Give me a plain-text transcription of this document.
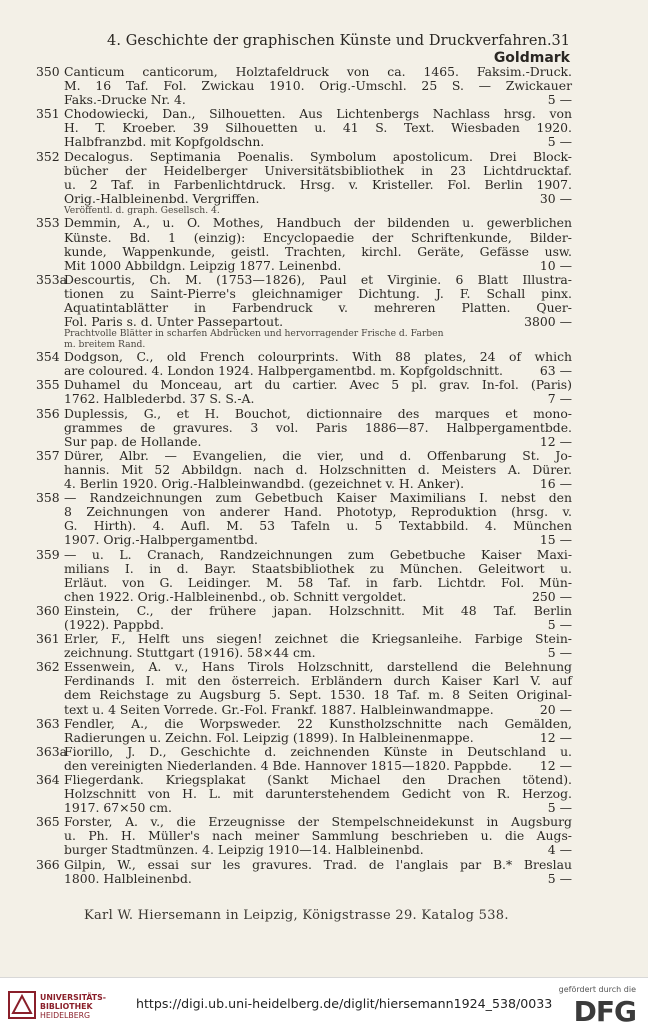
4. Geschichte der graphischen Künste und Druckverfahren. 31
Goldmark
350 Canticum canticorum, Holztafeldruck von ca. 1465. Faksim.-Druck.
M. 16 Taf. Fol. Zwickau 1910. Orig.-Umschl. 25 S. — Zwickauer
Faks.-Drucke Nr. 4.	5 —
351 Chodowiecki, Dan., Silhouetten. Aus Lichtenbergs Nachlass hrsg. von
H. T. Kroeber. 39 Silhouetten u. 41 S. Text. Wiesbaden 1920.
Halbfranzbd. mit Kopfgoldschn.	5 —
352 Decalogus. Septimania Poenalis. Symbolum apostolicum. Drei Block-
bücher der Heidelberger Universitätsbibliothek in 23 Lichtdrucktaf.
u. 2 Taf. in Farbenlichtdruck. Hrsg. v. Kristeller. Fol. Berlin 1907.
Orig.-Halbleinenbd. Vergriffen.	30 —
Veröffentl. d. graph. Gesellsch. 4.
353 Demmin, A., u. O. Mothes, Handbuch der bildenden u. gewerblichen
Künste. Bd. 1 (einzig): Encyclopaedie der Schriftenkunde, Bilder-
kunde, Wappenkunde, geistl. Trachten, kirchl. Geräte, Gefässe usw.
Mit 1000 Abbildgn. Leipzig 1877. Leinenbd.	10 —
353a
Descourtis, Ch. M. (1753—1826), Paul et Virginie. 6 Blatt Illustra-
tionen zu Saint-Pierre's gleichnamiger Dichtung. J. F. Schall pinx.
Aquatintablätter in Farbendruck v. mehreren Platten. Quer-
Fol. Paris s. d. Unter Passepartout.	3800 —
Prachtvolle Blätter in scharfen Abdrücken und hervorragender Frische d. Farben
m. breitem Rand.
354 Dodgson, C., old French colourprints. With 88 plates, 24 of which
are coloured. 4. London 1924. Halbpergamentbd. m. Kopfgoldschnitt.	63 —
355 Duhamel du Monceau, art du cartier. Avec 5 pl. grav. In-fol. (Paris)
1762. Halblederbd. 37 S. S.-A.	7 —
356 Duplessis, G., et H. Bouchot, dictionnaire des marques et mono-
grammes de gravures. 3 vol. Paris 1886—87. Halbpergamentbde.
Sur pap. de Hollande.	12 —
357 Dürer, Albr. — Evangelien, die vier, und d. Offenbarung St. Jo-
hannis. Mit 52 Abbildgn. nach d. Holzschnitten d. Meisters A. Dürer.
4. Berlin 1920. Orig.-Halbleinwandbd. (gezeichnet v. H. Anker).	16 —
358 — Randzeichnungen zum Gebetbuch Kaiser Maximilians I. nebst den
8 Zeichnungen von anderer Hand. Phototyp, Reproduktion (hrsg. v.
G. Hirth). 4. Aufl. M. 53 Tafeln u. 5 Textabbild. 4. München
1907. Orig.-Halbpergamentbd.	15 —
359 — u. L. Cranach, Randzeichnungen zum Gebetbuche Kaiser Maxi-
milians I. in d. Bayr. Staatsbibliothek zu München. Geleitwort u.
Erläut. von G. Leidinger. M. 58 Taf. in farb. Lichtdr. Fol. Mün-
chen 1922. Orig.-Halbleinenbd., ob. Schnitt vergoldet.	250 —
360 Einstein, C., der frühere japan. Holzschnitt. Mit 48 Taf. Berlin
(1922). Pappbd.	5 —
361 Erler, F., Helft uns siegen! zeichnet die Kriegsanleihe. Farbige Stein-
zeichnung. Stuttgart (1916). 58×44 cm.	5 —
362 Essenwein, A. v., Hans Tirols Holzschnitt, darstellend die Belehnung
Ferdinands I. mit den österreich. Erbländern durch Kaiser Karl V. auf
dem Reichstage zu Augsburg 5. Sept. 1530. 18 Taf. m. 8 Seiten Original-
text u. 4 Seiten Vorrede. Gr.-Fol. Frankf. 1887. Halbleinwandmappe.	20 —
363 Fendler, A., die Worpsweder. 22 Kunstholzschnitte nach Gemälden,
Radierungen u. Zeichn. Fol. Leipzig (1899). In Halbleinenmappe.	12 —
363a
Fiorillo, J. D., Geschichte d. zeichnenden Künste in Deutschland u.
den vereinigten Niederlanden. 4 Bde. Hannover 1815—1820. Pappbde.	12 —
364 Fliegerdank. Kriegsplakat (Sankt Michael den Drachen tötend).
Holzschnitt von H. L. mit darunterstehendem Gedicht von R. Herzog.
1917. 67×50 cm.	5 —
365 Forster, A. v., die Erzeugnisse der Stempelschneidekunst in Augsburg
u. Ph. H. Müller's nach meiner Sammlung beschrieben u. die Augs-
burger Stadtmünzen. 4. Leipzig 1910—14. Halbleinenbd.	4 —
366 Gilpin, W., essai sur les gravures. Trad. de l'anglais par B.* Breslau
1800. Halbleinenbd.	5 —
Karl W. Hiersemann in Leipzig, Königstrasse 29. Katalog 538.
UNIVERSITÄTS-
BIBLIOTHEK
HEIDELBERG
https://digi.ub.uni-heidelberg.de/diglit/hiersemann1924_538/0033
gefördert durch die
DFG
